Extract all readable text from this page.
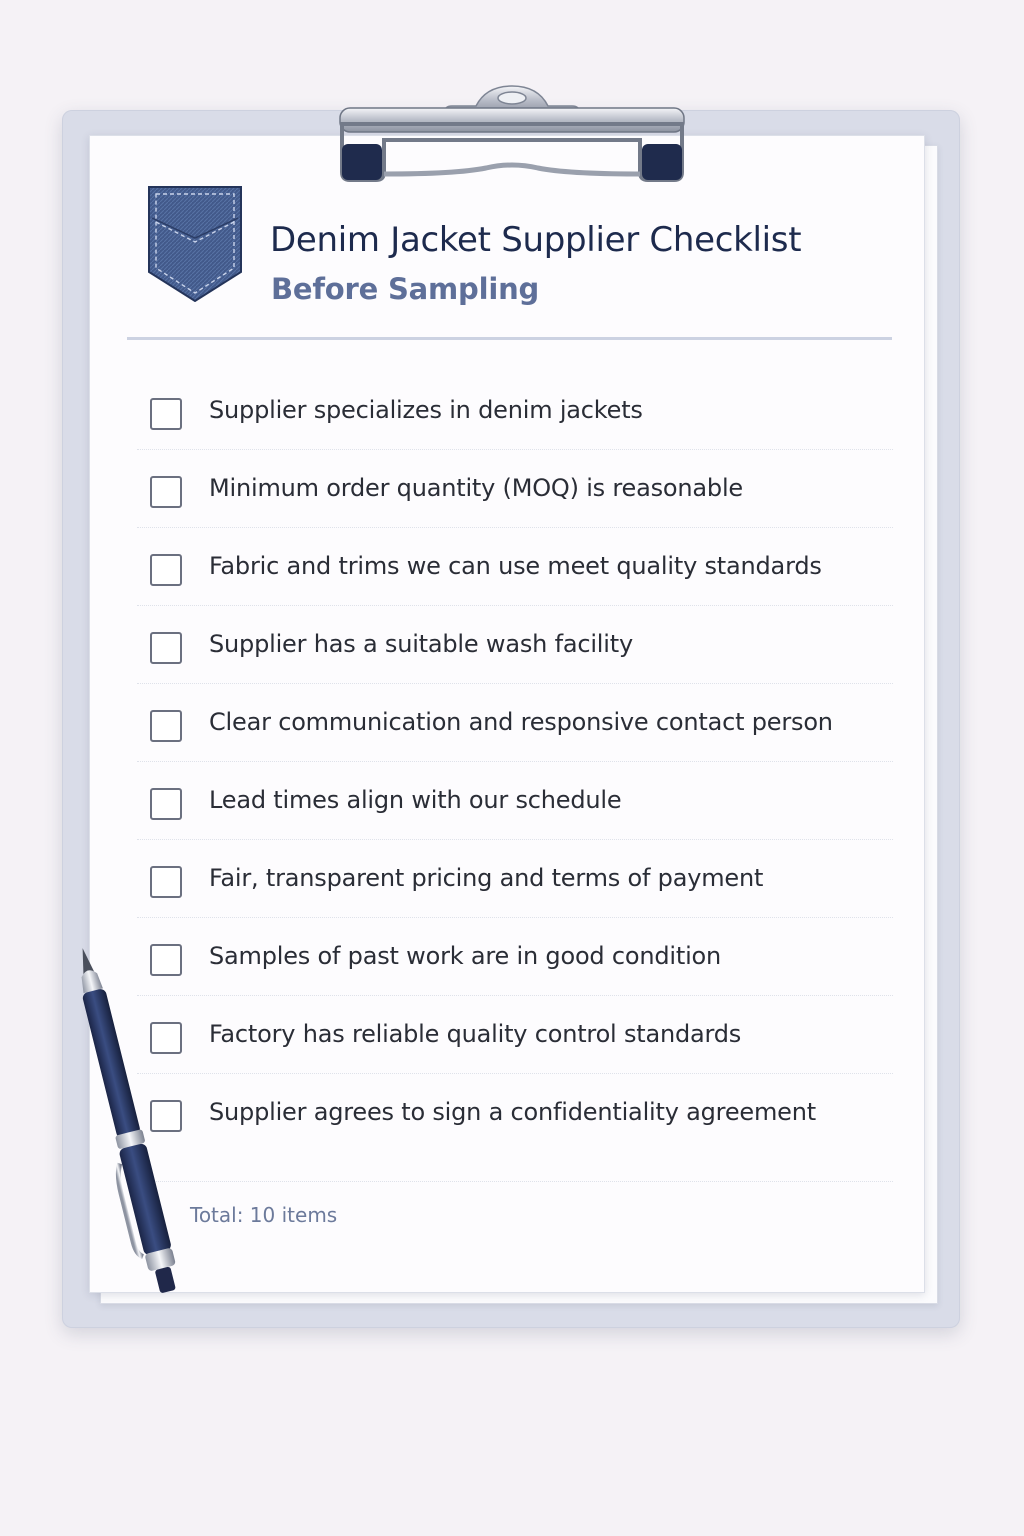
Denim Jacket Supplier Checklist
Before Sampling
Supplier specializes in denim jackets
Minimum order quantity (MOQ) is reasonable
Fabric and trims we can use meet quality standards
Supplier has a suitable wash facility
Clear communication and responsive contact person
Lead times align with our schedule
Fair, transparent pricing and terms of payment
Samples of past work are in good condition
Factory has reliable quality control standards
Supplier agrees to sign a confidentiality agreement
Total: 10 items
